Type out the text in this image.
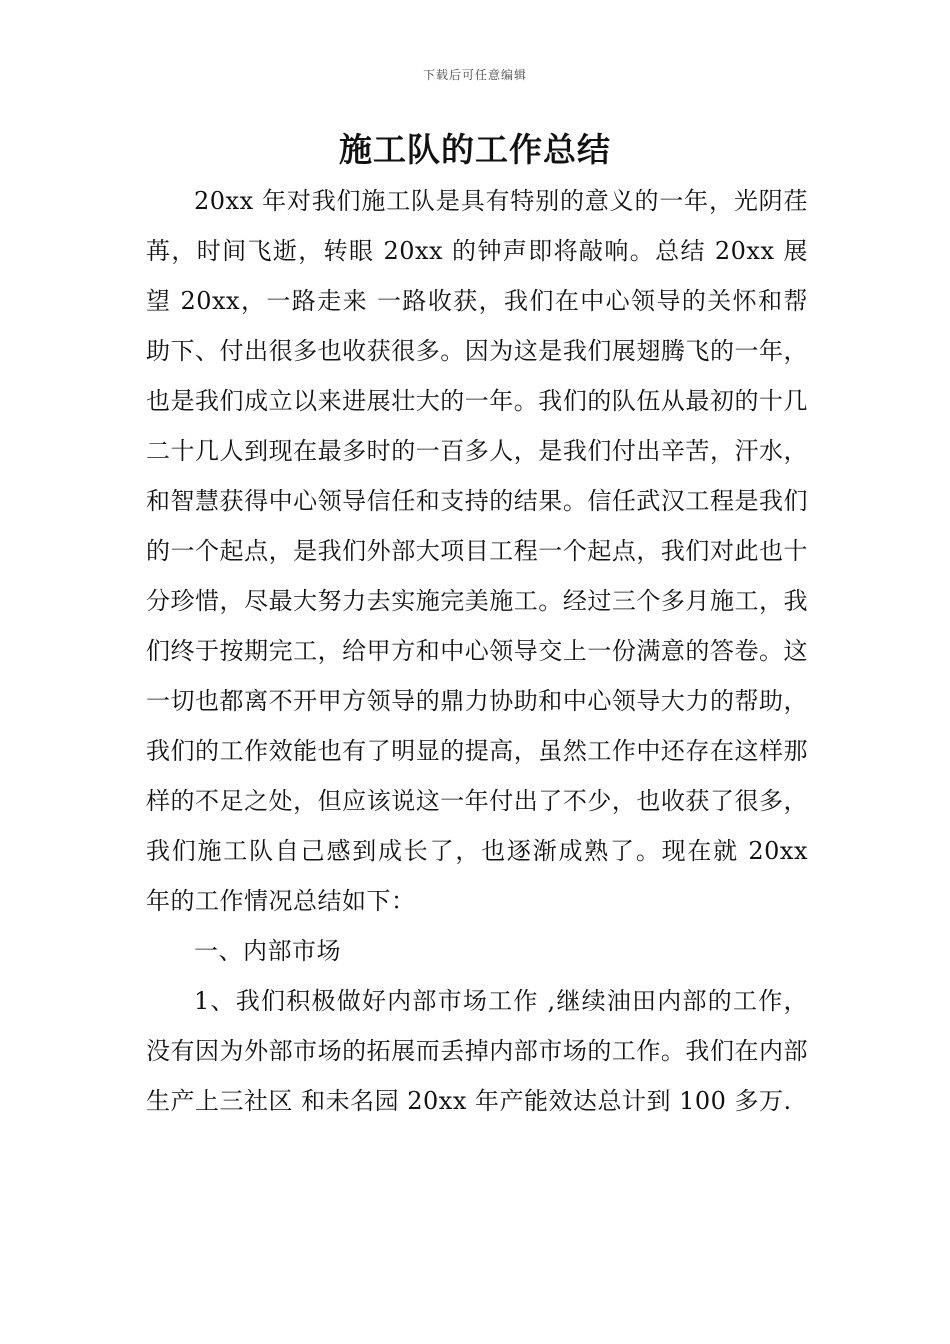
下载后可任意编辑
施工队的工作总结

20xx 年对我们施工队是具有特别的意义的一年，光阴荏苒，时间飞逝，转眼 20xx 的钟声即将敲响。总结 20xx 展望 20xx，一路走来 一路收获，我们在中心领导的关怀和帮助下、付出很多也收获很多。因为这是我们展翅腾飞的一年，也是我们成立以来进展壮大的一年。我们的队伍从最初的十几二十几人到现在最多时的一百多人，是我们付出辛苦，汗水，和智慧获得中心领导信任和支持的结果。信任武汉工程是我们的一个起点，是我们外部大项目工程一个起点，我们对此也十分珍惜，尽最大努力去实施完美施工。经过三个多月施工，我们终于按期完工，给甲方和中心领导交上一份满意的答卷。这一切也都离不开甲方领导的鼎力协助和中心领导大力的帮助，我们的工作效能也有了明显的提高，虽然工作中还存在这样那样的不足之处，但应该说这一年付出了不少，也收获了很多，我们施工队自己感到成长了，也逐渐成熟了。现在就 20xx 年的工作情况总结如下：

一、内部市场

1、我们积极做好内部市场工作 ,继续油田内部的工作，没有因为外部市场的拓展而丢掉内部市场的工作。我们在内部生产上三社区 和未名园 20xx 年产能效达总计到 100 多万.
